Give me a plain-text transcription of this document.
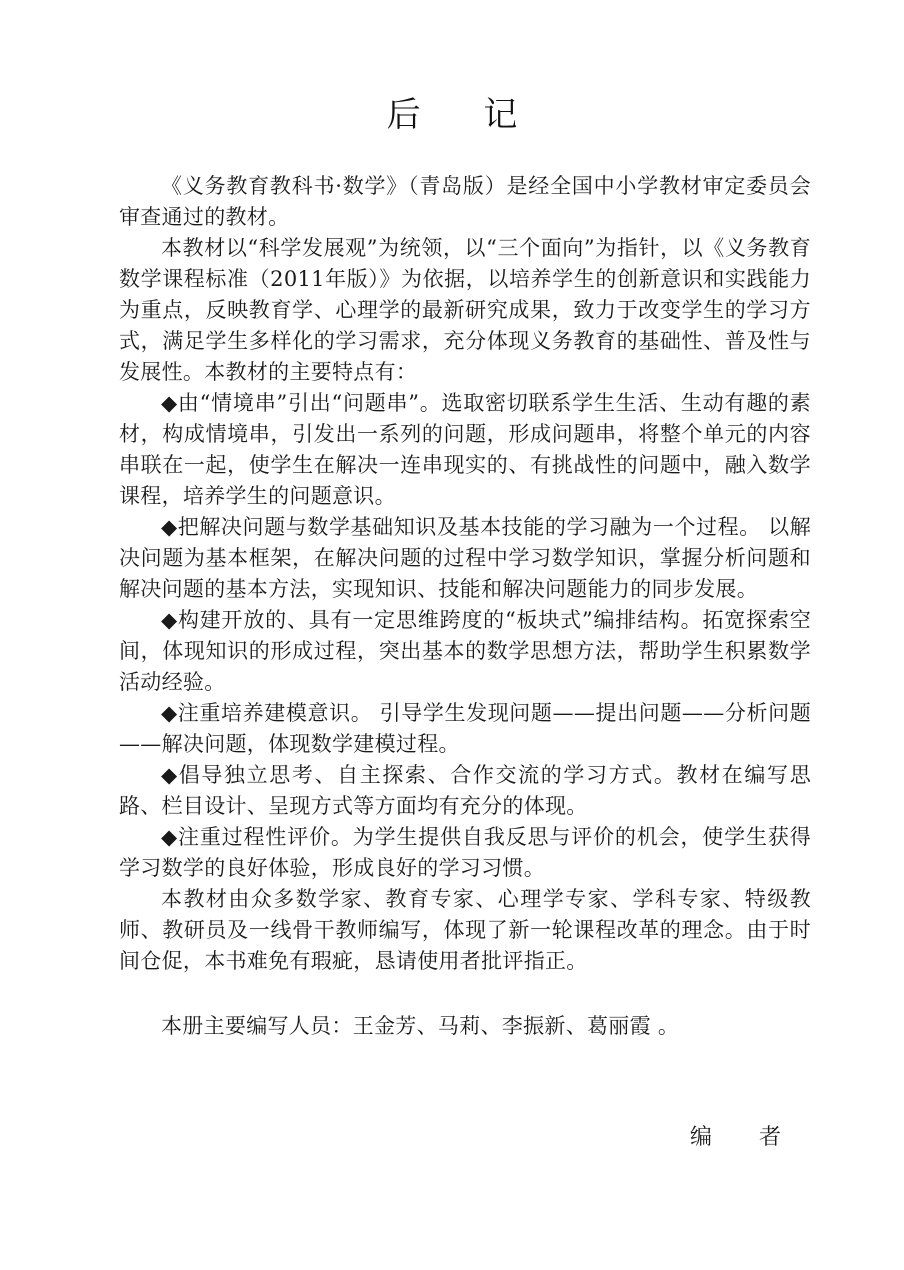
后 记

《义务教育教科书·数学》（青岛版）是经全国中小学教材审定委员会审查通过的教材。

本教材以“科学发展观”为统领，以“三个面向”为指针，以《义务教育数学课程标准（2011年版）》为依据，以培养学生的创新意识和实践能力为重点，反映教育学、心理学的最新研究成果，致力于改变学生的学习方式，满足学生多样化的学习需求，充分体现义务教育的基础性、普及性与发展性。本教材的主要特点有：

◆由“情境串”引出“问题串”。选取密切联系学生生活、生动有趣的素材，构成情境串，引发出一系列的问题，形成问题串，将整个单元的内容串联在一起，使学生在解决一连串现实的、有挑战性的问题中，融入数学课程，培养学生的问题意识。

◆把解决问题与数学基础知识及基本技能的学习融为一个过程。 以解决问题为基本框架，在解决问题的过程中学习数学知识，掌握分析问题和解决问题的基本方法，实现知识、技能和解决问题能力的同步发展。

◆构建开放的、具有一定思维跨度的“板块式”编排结构。拓宽探索空间，体现知识的形成过程，突出基本的数学思想方法，帮助学生积累数学活动经验。

◆注重培养建模意识。 引导学生发现问题——提出问题——分析问题——解决问题，体现数学建模过程。

◆倡导独立思考、自主探索、合作交流的学习方式。教材在编写思路、栏目设计、呈现方式等方面均有充分的体现。

◆注重过程性评价。为学生提供自我反思与评价的机会，使学生获得学习数学的良好体验，形成良好的学习习惯。

本教材由众多数学家、教育专家、心理学专家、学科专家、特级教师、教研员及一线骨干教师编写，体现了新一轮课程改革的理念。由于时间仓促，本书难免有瑕疵，恳请使用者批评指正。

本册主要编写人员：王金芳、马莉、李振新、葛丽霞 。
编 者
